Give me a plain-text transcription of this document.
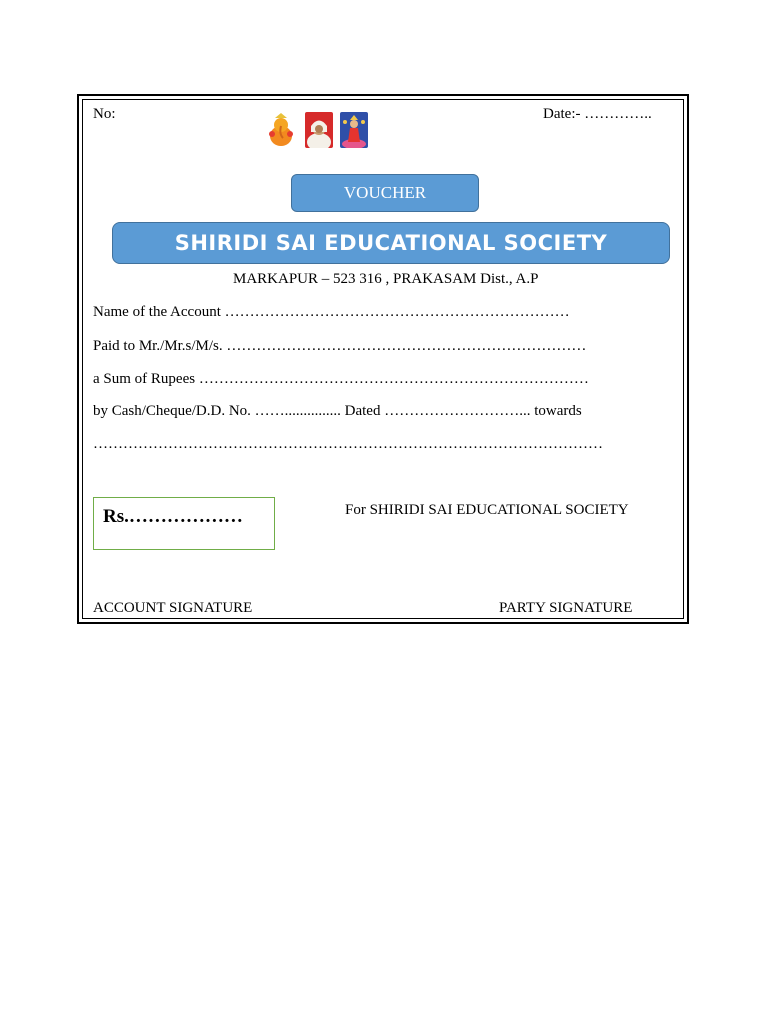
No:	Date:- …………..
VOUCHER
SHIRIDI SAI EDUCATIONAL SOCIETY
MARKAPUR – 523 316 , PRAKASAM Dist., A.P
Name of the Account ……………………………………………………………
Paid to Mr./Mr.s/M/s. ………………………………………………………………
a Sum of Rupees ……………………………………………………………………
by Cash/Cheque/D.D. No. ……............... Dated ………………………... towards
…………………………………………………………………………………………
Rs.………………	For SHIRIDI SAI EDUCATIONAL SOCIETY
ACCOUNT SIGNATURE	PARTY SIGNATURE
